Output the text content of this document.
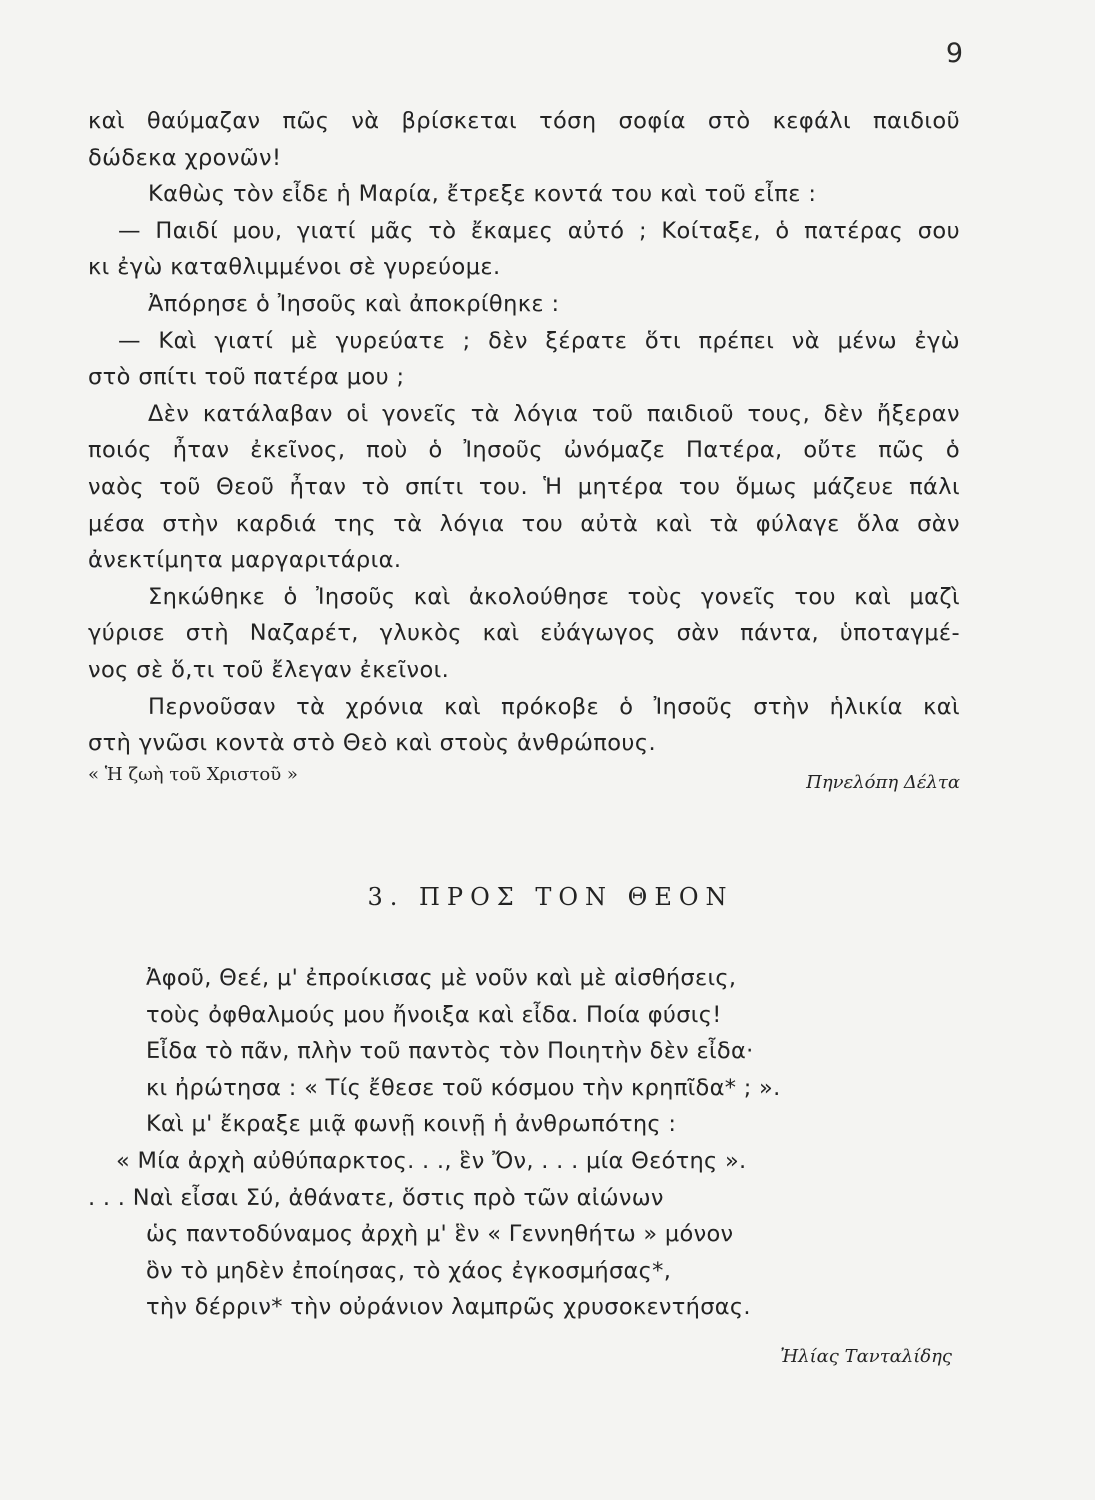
9
καὶ θαύμαζαν πῶς νὰ βρίσκεται τόση σοφία στὸ κεφάλι παιδιοῦ
δώδεκα χρονῶν!
Καθὼς τὸν εἶδε ἡ Μαρία, ἔτρεξε κοντά του καὶ τοῦ εἶπε :
— Παιδί μου, γιατί μᾶς τὸ ἔκαμες αὐτό ; Κοίταξε, ὁ πατέρας σου
κι ἐγὼ καταθλιμμένοι σὲ γυρεύομε.
Ἀπόρησε ὁ Ἰησοῦς καὶ ἀποκρίθηκε :
— Καὶ γιατί μὲ γυρεύατε ; δὲν ξέρατε ὅτι πρέπει νὰ μένω ἐγὼ
στὸ σπίτι τοῦ πατέρα μου ;
Δὲν κατάλαβαν οἱ γονεῖς τὰ λόγια τοῦ παιδιοῦ τους, δὲν ἤξεραν
ποιός ἦταν ἐκεῖνος, ποὺ ὁ Ἰησοῦς ὠνόμαζε Πατέρα, οὔτε πῶς ὁ
ναὸς τοῦ Θεοῦ ἦταν τὸ σπίτι του. Ἡ μητέρα του ὅμως μάζευε πάλι
μέσα στὴν καρδιά της τὰ λόγια του αὐτὰ καὶ τὰ φύλαγε ὅλα σὰν
ἀνεκτίμητα μαργαριτάρια.
Σηκώθηκε ὁ Ἰησοῦς καὶ ἀκολούθησε τοὺς γονεῖς του καὶ μαζὶ
γύρισε στὴ Ναζαρέτ, γλυκὸς καὶ εὐάγωγος σὰν πάντα, ὑποταγμέ-
νος σὲ ὅ,τι τοῦ ἔλεγαν ἐκεῖνοι.
Περνοῦσαν τὰ χρόνια καὶ πρόκοβε ὁ Ἰησοῦς στὴν ἡλικία καὶ
στὴ γνῶσι κοντὰ στὸ Θεὸ καὶ στοὺς ἀνθρώπους.
« Ἡ ζωὴ τοῦ Χριστοῦ »	Πηνελόπη Δέλτα
3. ΠΡΟΣ ΤΟΝ ΘΕΟΝ
Ἀφοῦ, Θεέ, μ' ἐπροίκισας μὲ νοῦν καὶ μὲ αἰσθήσεις,
τοὺς ὀφθαλμούς μου ἤνοιξα καὶ εἶδα. Ποία φύσις!
Εἶδα τὸ πᾶν, πλὴν τοῦ παντὸς τὸν Ποιητὴν δὲν εἶδα·
κι ἠρώτησα : « Τίς ἔθεσε τοῦ κόσμου τὴν κρηπῖδα* ; ».
Καὶ μ' ἔκραξε μιᾷ φωνῇ κοινῇ ἡ ἀνθρωπότης :
« Μία ἀρχὴ αὐθύπαρκτος. . ., ἓν Ὄν, . . . μία Θεότης ».
. . . Ναὶ εἶσαι Σύ, ἀθάνατε, ὅστις πρὸ τῶν αἰώνων
ὡς παντοδύναμος ἀρχὴ μ' ἓν « Γεννηθήτω » μόνον
ὃν τὸ μηδὲν ἐποίησας, τὸ χάος ἐγκοσμήσας*,
τὴν δέρριν* τὴν οὐράνιον λαμπρῶς χρυσοκεντήσας.
Ἠλίας Τανταλίδης
